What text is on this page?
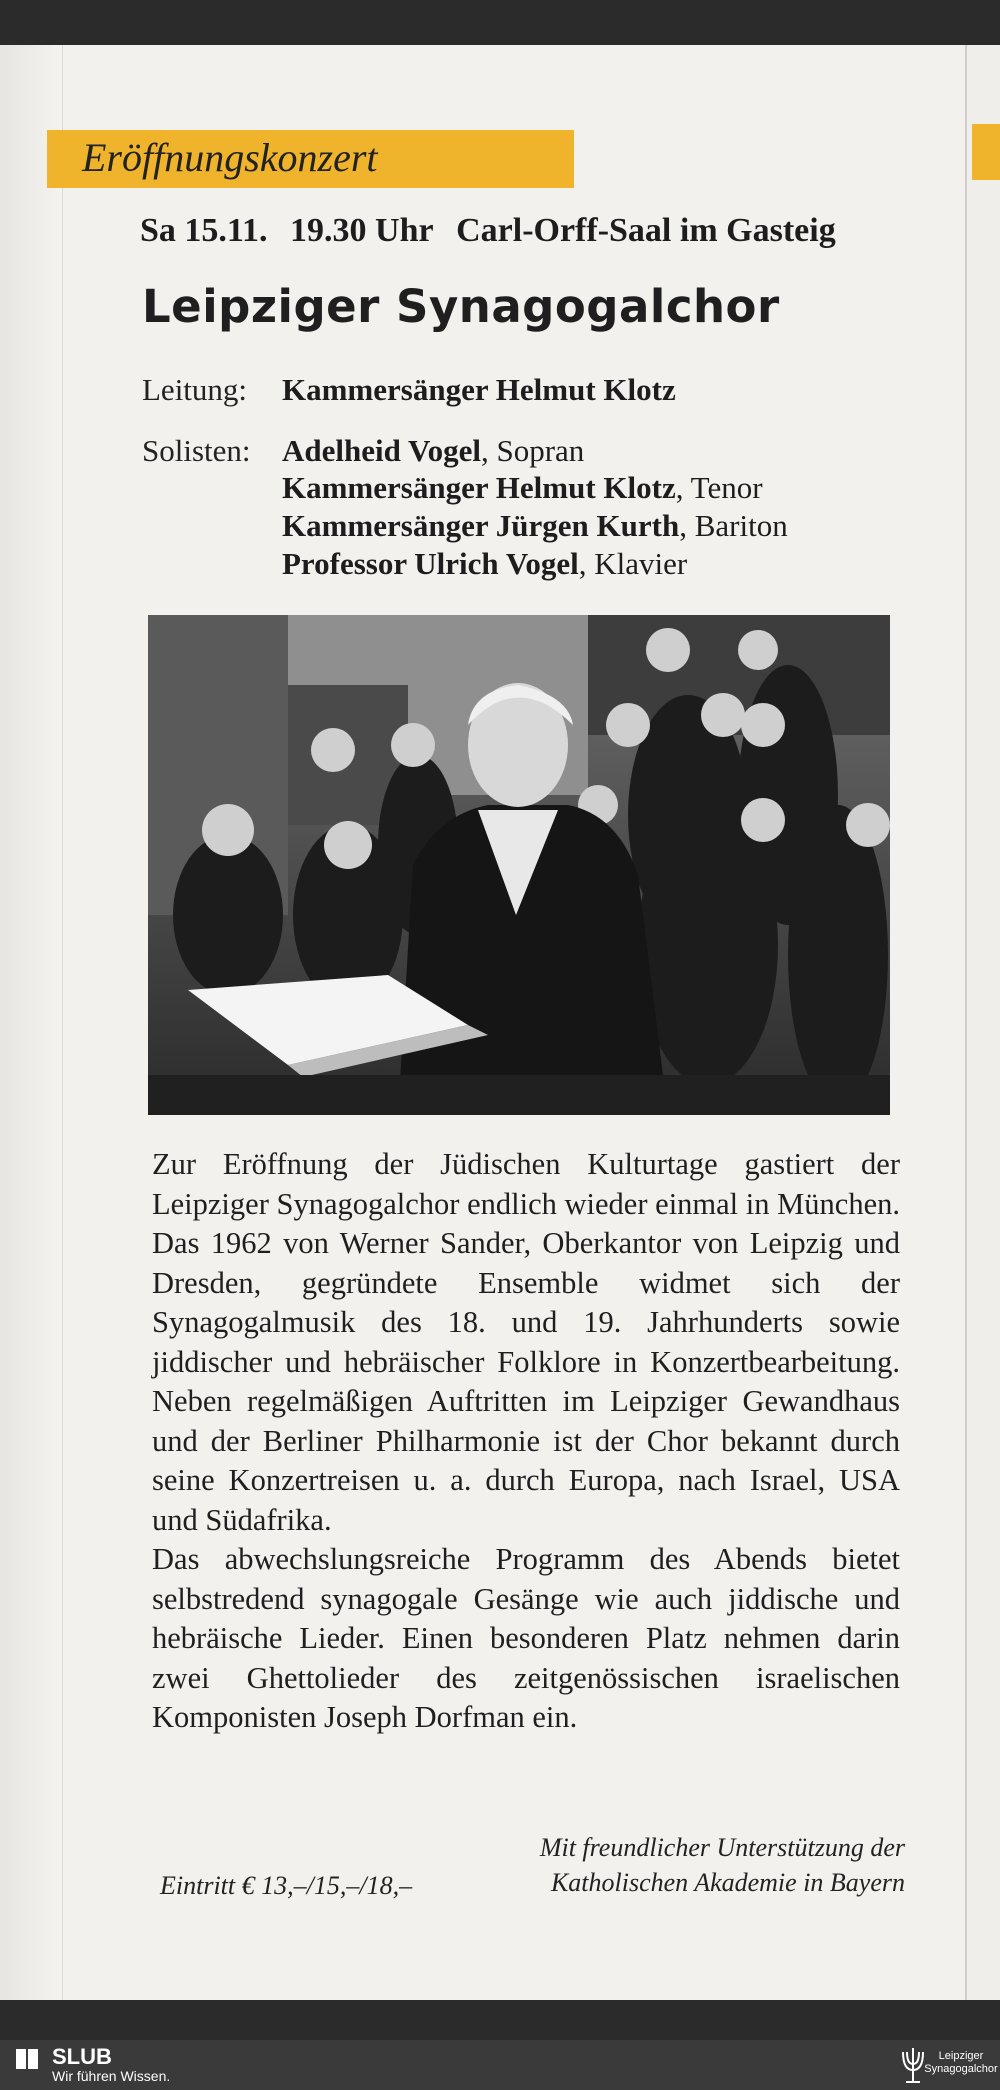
Eröffnungskonzert
Sa 15.11. 19.30 Uhr Carl-Orff-Saal im Gasteig
Leipziger Synagogalchor
Leitung: Kammersänger Helmut Klotz
Solisten: Adelheid Vogel, Sopran
Kammersänger Helmut Klotz, Tenor
Kammersänger Jürgen Kurth, Bariton
Professor Ulrich Vogel, Klavier

Zur Eröffnung der Jüdischen Kulturtage gastiert der Leipziger Synagogalchor endlich wieder einmal in München. Das 1962 von Werner Sander, Oberkantor von Leipzig und Dresden, gegründete Ensemble widmet sich der Synagogalmusik des 18. und 19. Jahrhunderts sowie jiddischer und hebräischer Folklore in Konzertbearbeitung. Neben regelmäßigen Auftritten im Leipziger Gewandhaus und der Berliner Philharmonie ist der Chor bekannt durch seine Konzertreisen u. a. durch Europa, nach Israel, USA und Südafrika.

Das abwechslungsreiche Programm des Abends bietet selbstredend synagogale Gesänge wie auch jiddische und hebräische Lieder. Einen besonderen Platz nehmen darin zwei Ghettolieder des zeitgenössischen israelischen Komponisten Joseph Dorfman ein.

Mit freundlicher Unterstützung der
Katholischen Akademie in Bayern
Eintritt € 13,–/15,–/18,–
SLUB
Wir führen Wissen.
Leipziger
Synagogalchor
